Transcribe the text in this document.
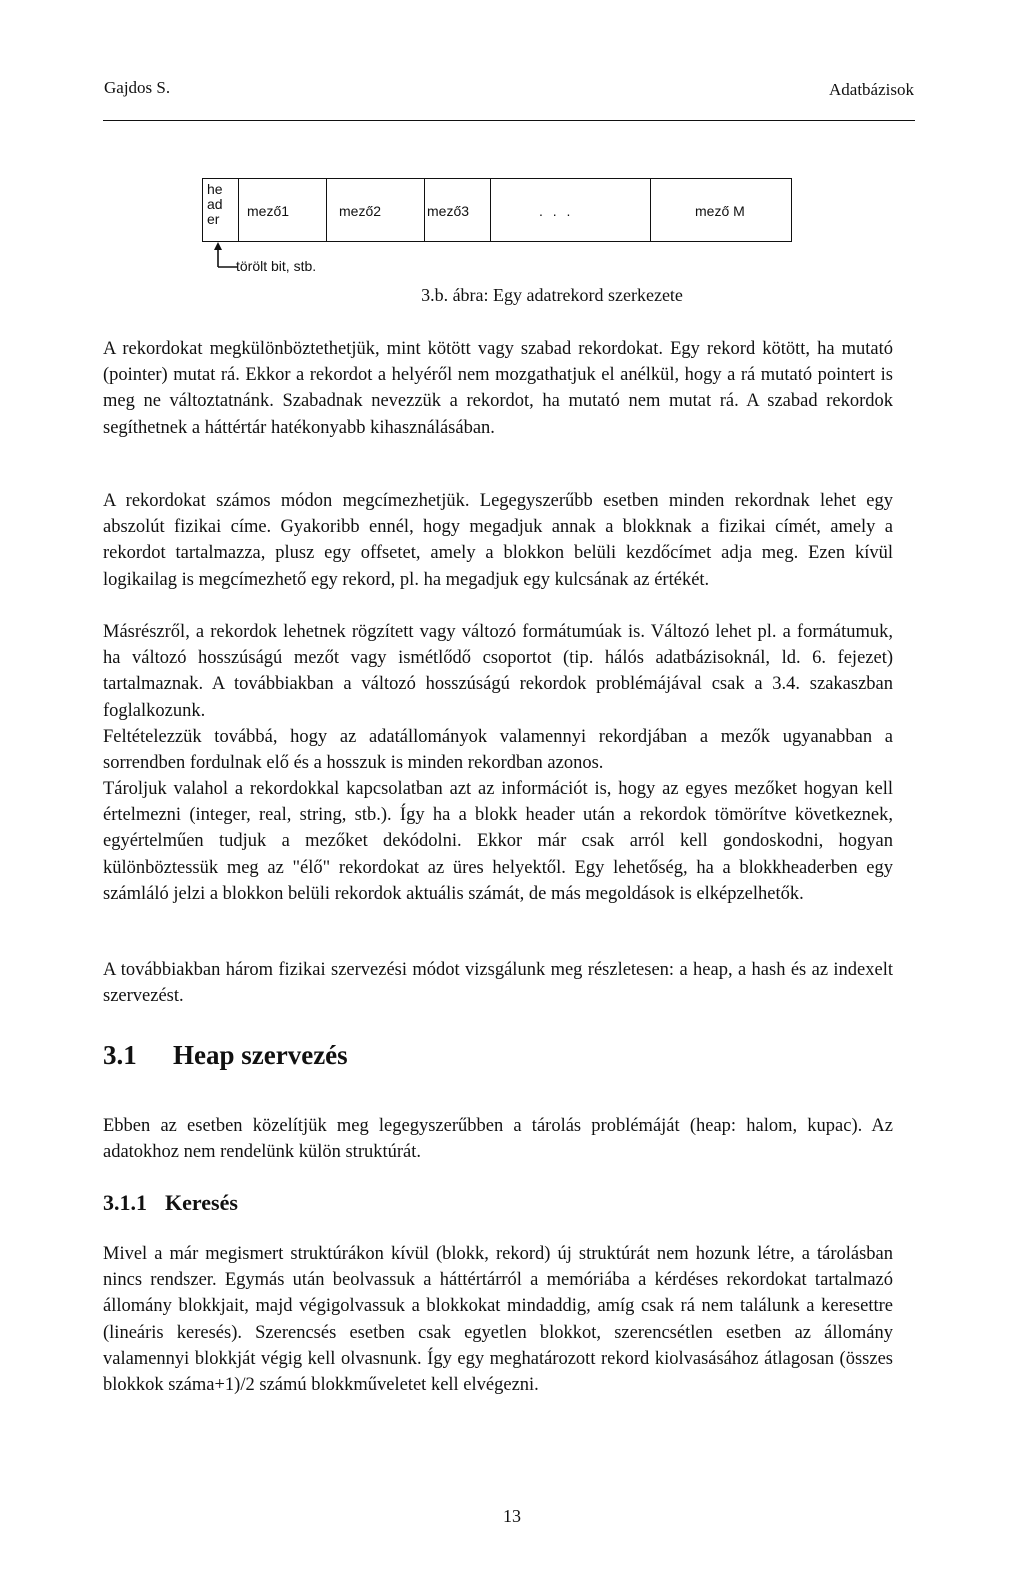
Gajdos S.	Adatbázisok
he ad er	mező1	mező2	mező3	. . .	mező M
törölt bit, stb.
3.b. ábra: Egy adatrekord szerkezete

A rekordokat megkülönböztethetjük, mint kötött vagy szabad rekordokat. Egy rekord kötött, ha mutató (pointer) mutat rá. Ekkor a rekordot a helyéről nem mozgathatjuk el anélkül, hogy a rá mutató pointert is meg ne változtatnánk. Szabadnak nevezzük a rekordot, ha mutató nem mutat rá. A szabad rekordok segíthetnek a háttértár hatékonyabb kihasználásában.

A rekordokat számos módon megcímezhetjük. Legegyszerűbb esetben minden rekordnak lehet egy abszolút fizikai címe. Gyakoribb ennél, hogy megadjuk annak a blokknak a fizikai címét, amely a rekordot tartalmazza, plusz egy offsetet, amely a blokkon belüli kezdőcímet adja meg. Ezen kívül logikailag is megcímezhető egy rekord, pl. ha megadjuk egy kulcsának az értékét.

Másrészről, a rekordok lehetnek rögzített vagy változó formátumúak is. Változó lehet pl. a formátumuk, ha változó hosszúságú mezőt vagy ismétlődő csoportot (tip. hálós adatbázisoknál, ld. 6. fejezet) tartalmaznak. A továbbiakban a változó hosszúságú rekordok problémájával csak a 3.4. szakaszban foglalkozunk.

Feltételezzük továbbá, hogy az adatállományok valamennyi rekordjában a mezők ugyanabban a sorrendben fordulnak elő és a hosszuk is minden rekordban azonos.

Tároljuk valahol a rekordokkal kapcsolatban azt az információt is, hogy az egyes mezőket hogyan kell értelmezni (integer, real, string, stb.). Így ha a blokk header után a rekordok tömörítve következnek, egyértelműen tudjuk a mezőket dekódolni. Ekkor már csak arról kell gondoskodni, hogyan különböztessük meg az "élő" rekordokat az üres helyektől. Egy lehetőség, ha a blokkheaderben egy számláló jelzi a blokkon belüli rekordok aktuális számát, de más megoldások is elképzelhetők.

A továbbiakban három fizikai szervezési módot vizsgálunk meg részletesen: a heap, a hash és az indexelt szervezést.

3.1 Heap szervezés

Ebben az esetben közelítjük meg legegyszerűbben a tárolás problémáját (heap: halom, kupac). Az adatokhoz nem rendelünk külön struktúrát.

3.1.1 Keresés

Mivel a már megismert struktúrákon kívül (blokk, rekord) új struktúrát nem hozunk létre, a tárolásban nincs rendszer. Egymás után beolvassuk a háttértárról a memóriába a kérdéses rekordokat tartalmazó állomány blokkjait, majd végigolvassuk a blokkokat mindaddig, amíg csak rá nem találunk a keresettre (lineáris keresés). Szerencsés esetben csak egyetlen blokkot, szerencsétlen esetben az állomány valamennyi blokkját végig kell olvasnunk. Így egy meghatározott rekord kiolvasásához átlagosan (összes blokkok száma+1)/2 számú blokkműveletet kell elvégezni.

13
